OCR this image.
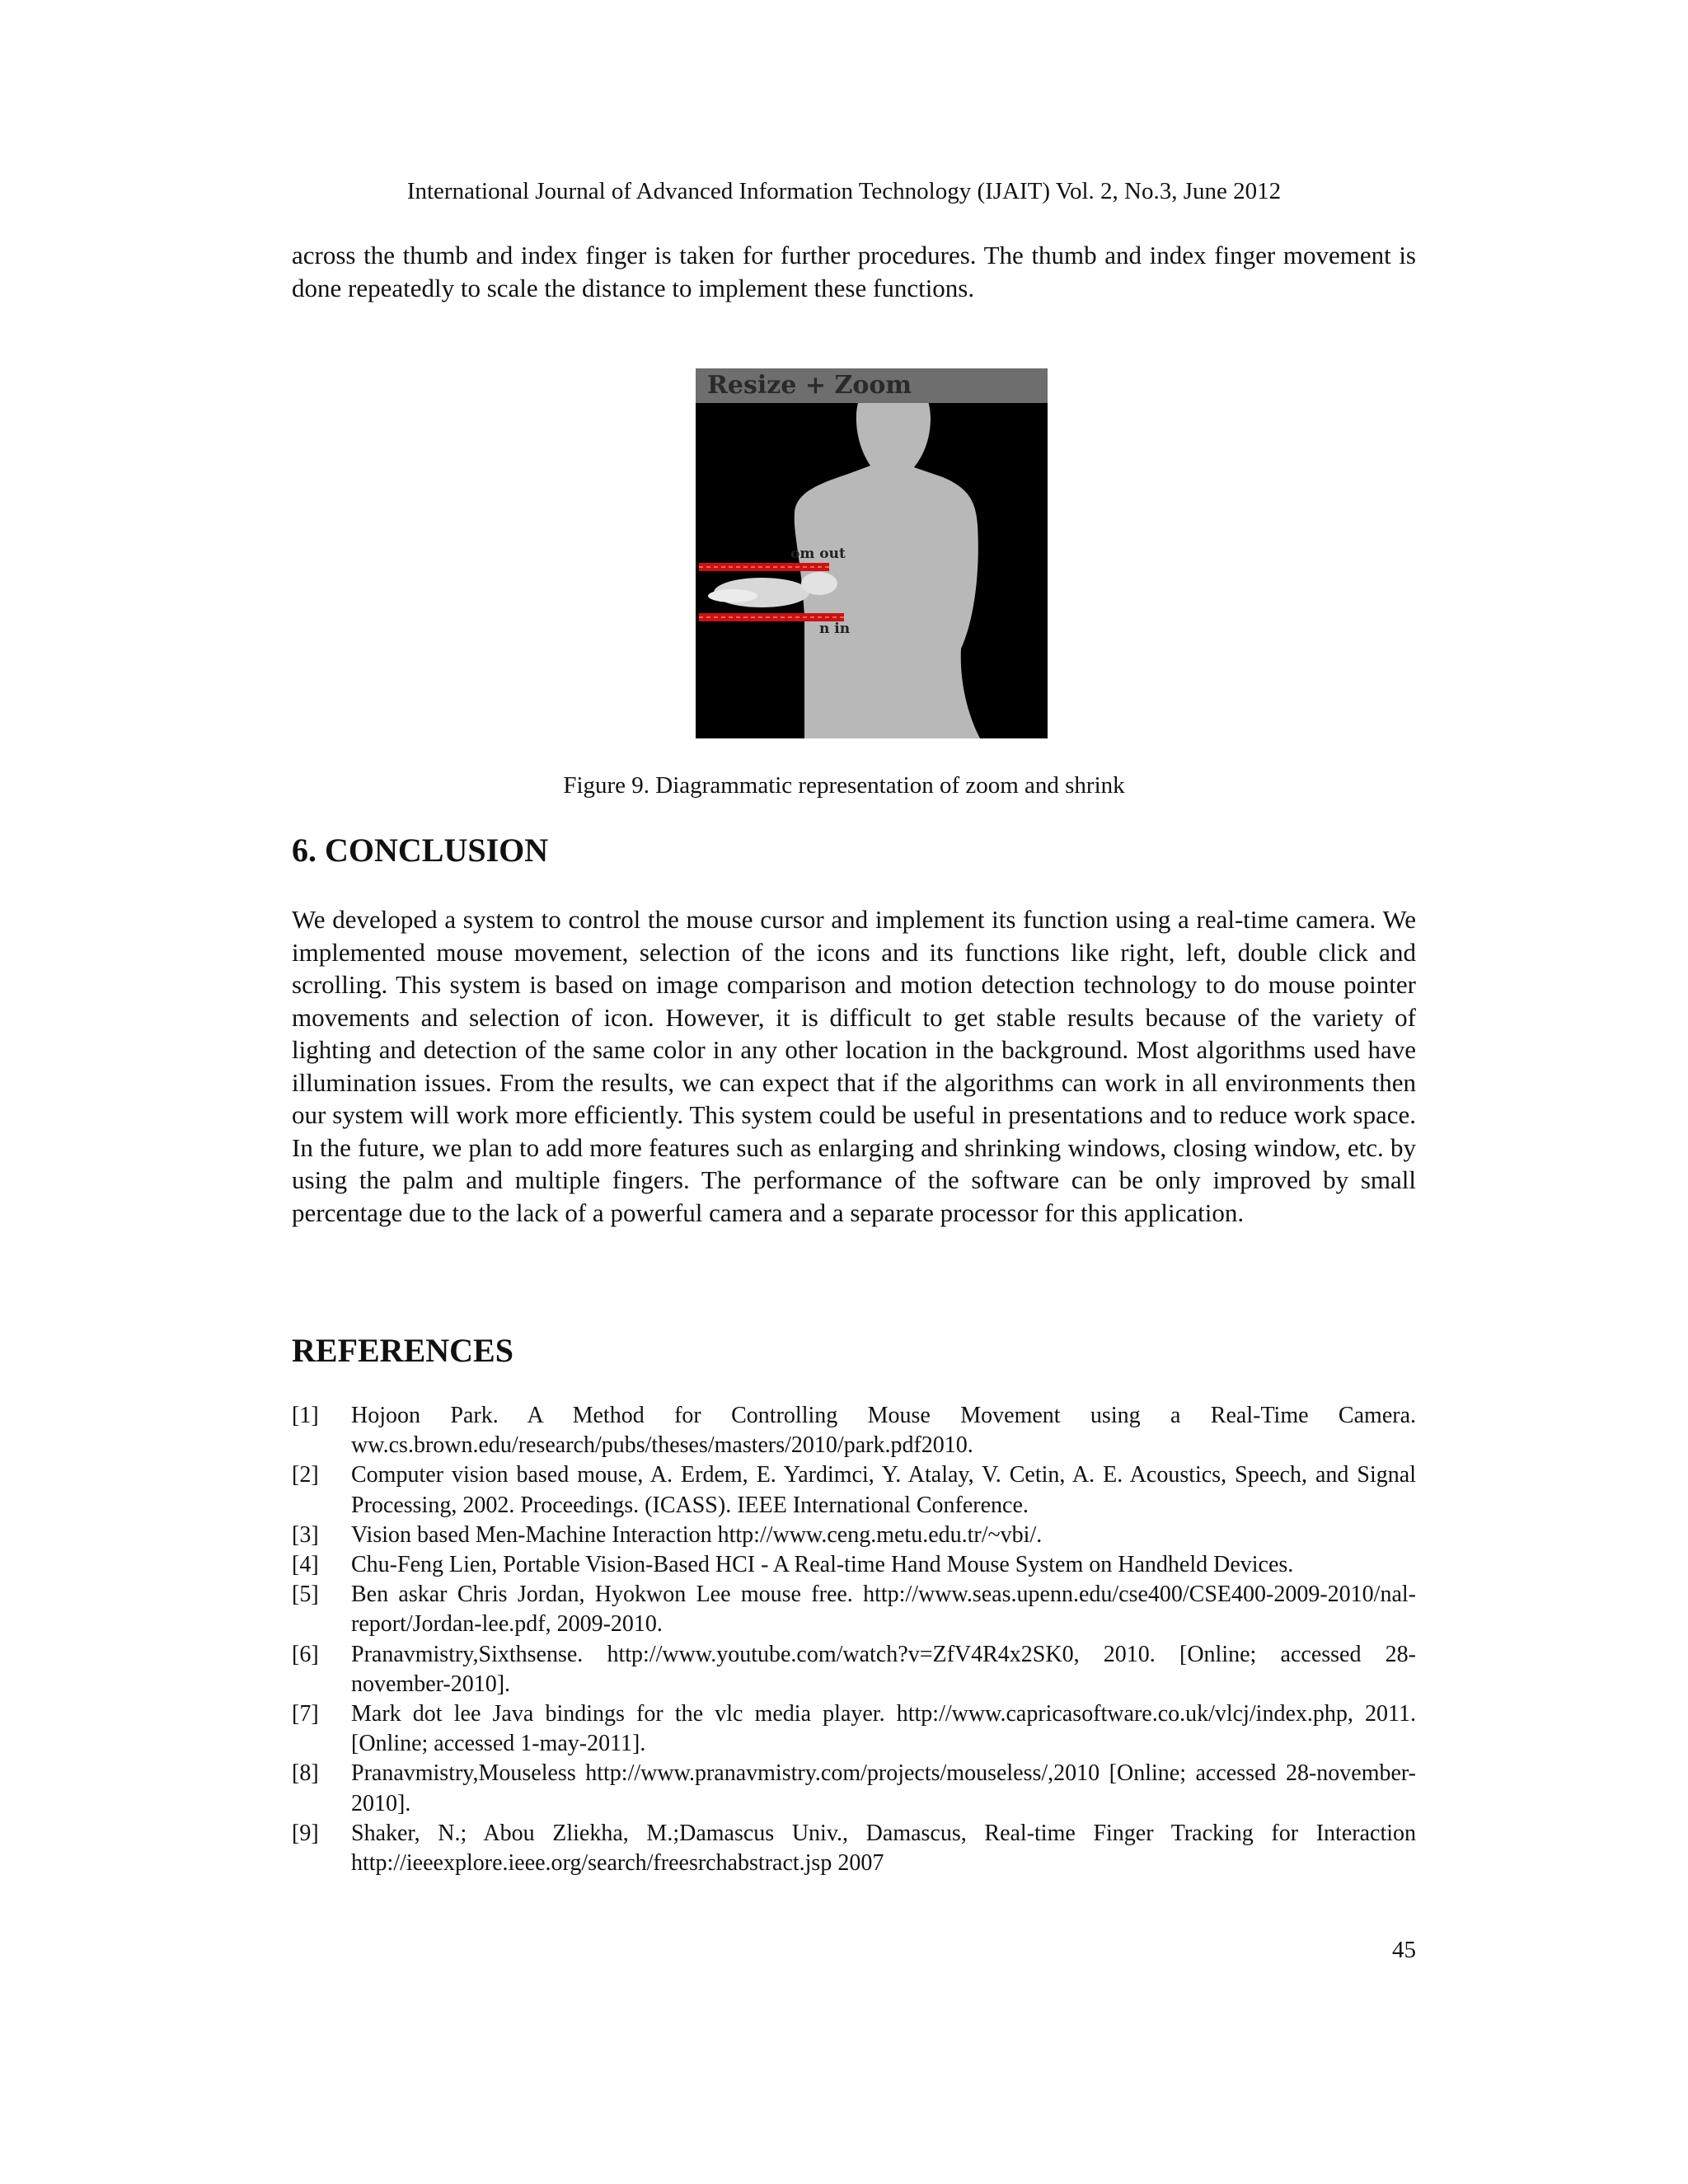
International Journal of Advanced Information Technology (IJAIT) Vol. 2, No.3, June 2012

across the thumb and index finger is taken for further procedures. The thumb and index finger movement is done repeatedly to scale the distance to implement these functions.

Resize + Zoom
om out
n in
Figure 9. Diagrammatic representation of zoom and shrink
6. CONCLUSION

We developed a system to control the mouse cursor and implement its function using a real-time camera. We implemented mouse movement, selection of the icons and its functions like right, left, double click and scrolling. This system is based on image comparison and motion detection technology to do mouse pointer movements and selection of icon. However, it is difficult to get stable results because of the variety of lighting and detection of the same color in any other location in the background. Most algorithms used have illumination issues. From the results, we can expect that if the algorithms can work in all environments then our system will work more efficiently. This system could be useful in presentations and to reduce work space. In the future, we plan to add more features such as enlarging and shrinking windows, closing window, etc. by using the palm and multiple fingers. The performance of the software can be only improved by small percentage due to the lack of a powerful camera and a separate processor for this application.

REFERENCES
[1] Hojoon Park. A Method for Controlling Mouse Movement using a Real-Time Camera. ww.cs.brown.edu/research/pubs/theses/masters/2010/park.pdf2010.
[2] Computer vision based mouse, A. Erdem, E. Yardimci, Y. Atalay, V. Cetin, A. E. Acoustics, Speech, and Signal Processing, 2002. Proceedings. (ICASS). IEEE International Conference.
[3] Vision based Men-Machine Interaction http://www.ceng.metu.edu.tr/~vbi/.
[4] Chu-Feng Lien, Portable Vision-Based HCI - A Real-time Hand Mouse System on Handheld Devices.
[5] Ben askar Chris Jordan, Hyokwon Lee mouse free. http://www.seas.upenn.edu/cse400/CSE400-2009-2010/nal-report/Jordan-lee.pdf, 2009-2010.
[6] Pranavmistry,Sixthsense. http://www.youtube.com/watch?v=ZfV4R4x2SK0, 2010. [Online; accessed 28-november-2010].
[7] Mark dot lee Java bindings for the vlc media player. http://www.capricasoftware.co.uk/vlcj/index.php, 2011. [Online; accessed 1-may-2011].
[8] Pranavmistry,Mouseless http://www.pranavmistry.com/projects/mouseless/,2010 [Online; accessed 28-november-2010].
[9] Shaker, N.; Abou Zliekha, M.;Damascus Univ., Damascus, Real-time Finger Tracking for Interaction http://ieeexplore.ieee.org/search/freesrchabstract.jsp 2007
45
